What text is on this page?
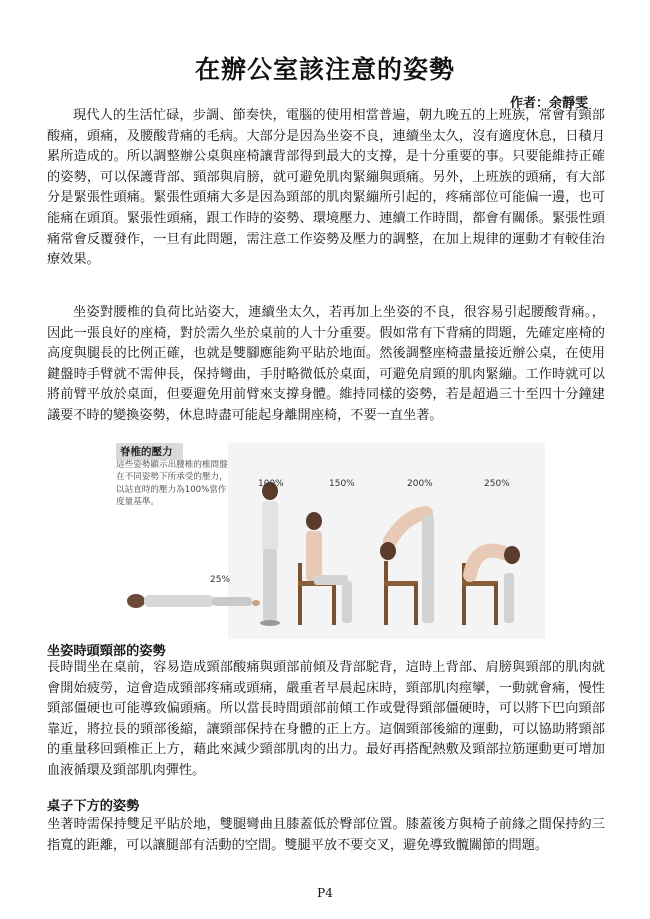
在辦公室該注意的姿勢
作者：余靜雯
現代人的生活忙碌，步調、節奏快，電腦的使用相當普遍，朝九晚五的上班族，常會有頸部酸痛，頭痛，及腰酸背痛的毛病。大部分是因為坐姿不良，連續坐太久，沒有適度休息，日積月累所造成的。所以調整辦公桌與座椅讓背部得到最大的支撐，是十分重要的事。只要能維持正確的姿勢，可以保護背部、頸部與肩膀，就可避免肌肉緊繃與頭痛。另外，上班族的頭痛，有大部分是緊張性頭痛。緊張性頭痛大多是因為頸部的肌肉緊繃所引起的，疼痛部位可能偏一邊，也可能痛在頭頂。緊張性頭痛，跟工作時的姿勢、環境壓力、連續工作時間，都會有關係。緊張性頭痛常會反覆發作，一旦有此問題，需注意工作姿勢及壓力的調整，在加上規律的運動才有較佳治療效果。
坐姿對腰椎的負荷比站姿大，連續坐太久，若再加上坐姿的不良，很容易引起腰酸背痛。，因此一張良好的座椅，對於需久坐於桌前的人十分重要。假如常有下背痛的問題，先確定座椅的高度與腿長的比例正確，也就是雙腳應能夠平貼於地面。然後調整座椅盡量接近辦公桌，在使用鍵盤時手臂就不需伸長，保持彎曲，手肘略微低於桌面，可避免肩頸的肌肉緊繃。工作時就可以將前臂平放於桌面，但要避免用前臂來支撐身體。維持同樣的姿勢，若是超過三十至四十分鐘建議要不時的變換姿勢，休息時盡可能起身離開座椅，不要一直坐著。
脊椎的壓力
這些姿勢顯示出腰椎的椎間盤在不同姿勢下所承受的壓力，以站直時的壓力為100%當作度量基準。
25%
100%	150%	200%	250%
坐姿時頭頸部的姿勢
長時間坐在桌前，容易造成頸部酸痛與頭部前傾及背部駝背，這時上背部、肩膀與頸部的肌肉就會開始疲勞，這會造成頸部疼痛或頭痛，嚴重者早晨起床時，頸部肌肉痙攣，一動就會痛，慢性頸部僵硬也可能導致偏頭痛。所以當長時間頭部前傾工作或覺得頸部僵硬時，可以將下巴向頸部靠近，將拉長的頸部後縮，讓頸部保持在身體的正上方。這個頸部後縮的運動，可以協助將頸部的重量移回頸椎正上方，藉此來減少頸部肌肉的出力。最好再搭配熱敷及頸部拉筋運動更可增加血液循環及頸部肌肉彈性。
桌子下方的姿勢
坐著時需保持雙足平貼於地，雙腿彎曲且膝蓋低於臀部位置。膝蓋後方與椅子前緣之間保持約三指寬的距離，可以讓腿部有活動的空間。雙腿平放不要交叉，避免導致髖關節的問題。
P4
